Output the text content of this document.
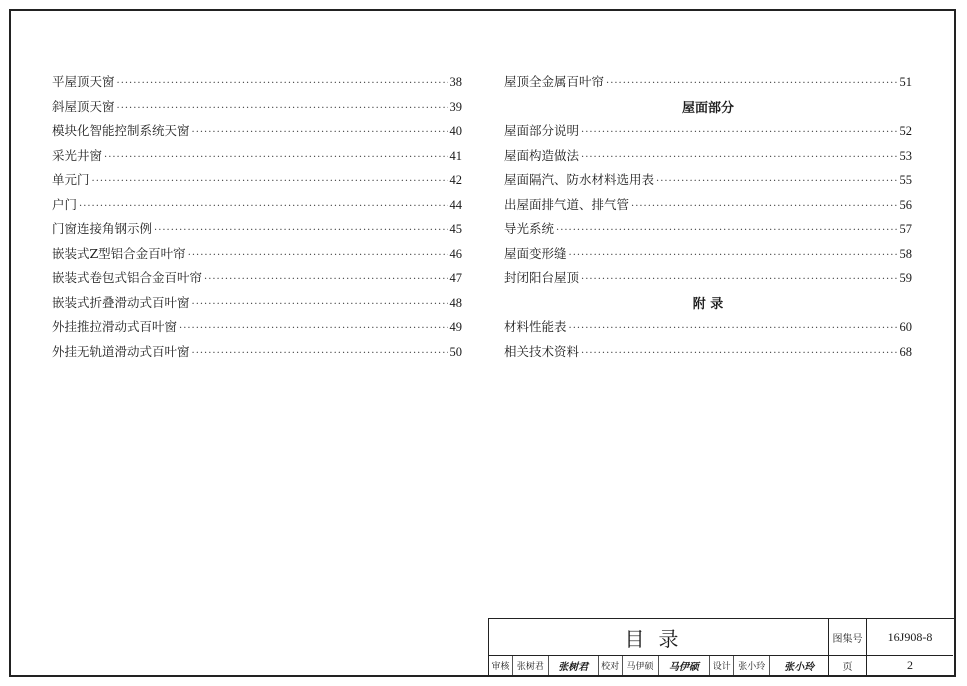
平屋顶天窗 ·····	38
斜屋顶天窗 ·····	39
模块化智能控制系统天窗 ·····	40
采光井窗 ·····	41
单元门 ·····	42
户门 ·····	44
门窗连接角钢示例 ·····	45
嵌装式Z型铝合金百叶帘 ·····	46
嵌装式卷包式铝合金百叶帘 ·····	47
嵌装式折叠滑动式百叶窗 ·····	48
外挂推拉滑动式百叶窗 ·····	49
外挂无轨道滑动式百叶窗 ·····	50
屋顶全金属百叶帘 ·····	51
屋面部分
屋面部分说明 ·····	52
屋面构造做法 ·····	53
屋面隔汽、防水材料选用表 ·····	55
出屋面排气道、排气管 ·····	56
导光系统 ·····	57
屋面变形缝 ·····	58
封闭阳台屋顶 ·····	59
附 录
材料性能表 ·····	60
相关技术资料 ·····	68
目录
审核 张树君	张树君	校对 马伊硕	马伊硕	设计 张小玲	张小玲
图集号	16J908-8
页	2
